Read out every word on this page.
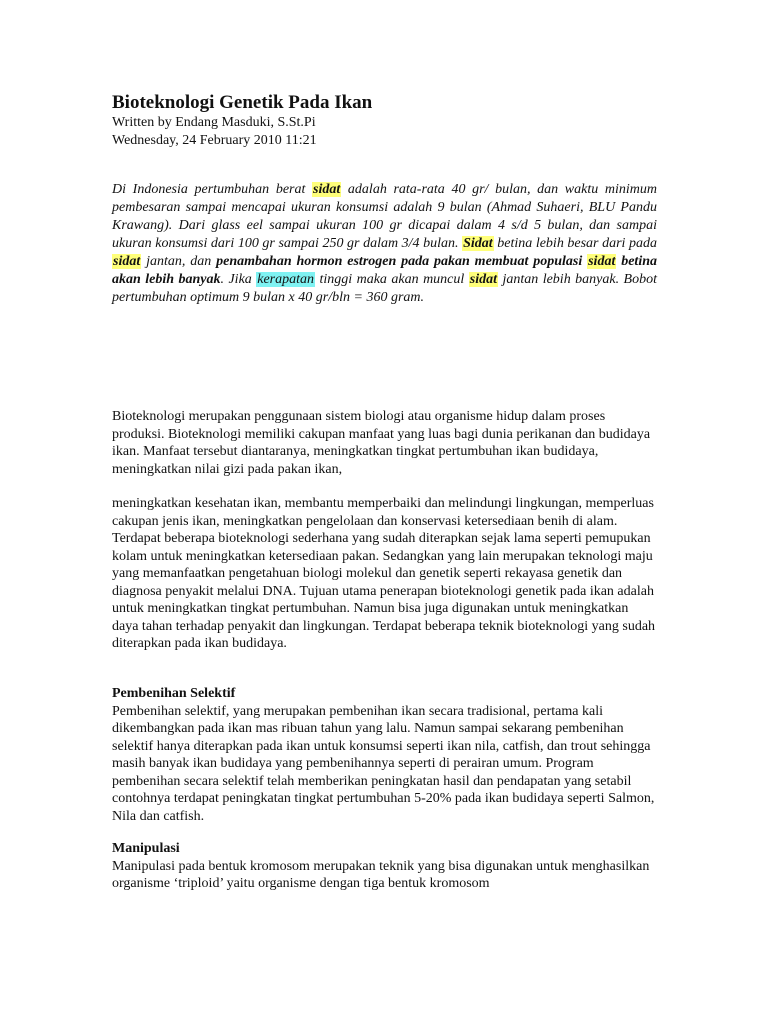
Bioteknologi Genetik Pada Ikan
Written by Endang Masduki, S.St.Pi
Wednesday, 24 February 2010 11:21
Di Indonesia pertumbuhan berat sidat adalah rata-rata 40 gr/ bulan, dan waktu minimum pembesaran sampai mencapai ukuran konsumsi adalah 9 bulan (Ahmad Suhaeri, BLU Pandu Krawang). Dari glass eel sampai ukuran 100 gr dicapai dalam 4 s/d 5 bulan, dan sampai ukuran konsumsi dari 100 gr sampai 250 gr dalam 3/4 bulan. Sidat betina lebih besar dari pada sidat jantan, dan penambahan hormon estrogen pada pakan membuat populasi sidat betina akan lebih banyak. Jika kerapatan tinggi maka akan muncul sidat jantan lebih banyak. Bobot pertumbuhan optimum 9 bulan x 40 gr/bln = 360 gram.
Bioteknologi merupakan penggunaan sistem biologi atau organisme hidup dalam proses produksi. Bioteknologi memiliki cakupan manfaat yang luas bagi dunia perikanan dan budidaya ikan. Manfaat tersebut diantaranya, meningkatkan tingkat pertumbuhan ikan budidaya, meningkatkan nilai gizi pada pakan ikan,
meningkatkan kesehatan ikan, membantu memperbaiki dan melindungi lingkungan, memperluas cakupan jenis ikan, meningkatkan pengelolaan dan konservasi ketersediaan benih di alam. Terdapat beberapa bioteknologi sederhana yang sudah diterapkan sejak lama seperti pemupukan kolam untuk meningkatkan ketersediaan pakan. Sedangkan yang lain merupakan teknologi maju yang memanfaatkan pengetahuan biologi molekul dan genetik seperti rekayasa genetik dan diagnosa penyakit melalui DNA. Tujuan utama penerapan bioteknologi genetik pada ikan adalah untuk meningkatkan tingkat pertumbuhan. Namun bisa juga digunakan untuk meningkatkan daya tahan terhadap penyakit dan lingkungan. Terdapat beberapa teknik bioteknologi yang sudah diterapkan pada ikan budidaya.
Pembenihan Selektif
Pembenihan selektif, yang merupakan pembenihan ikan secara tradisional, pertama kali dikembangkan pada ikan mas ribuan tahun yang lalu. Namun sampai sekarang pembenihan selektif hanya diterapkan pada ikan untuk konsumsi seperti ikan nila, catfish, dan trout sehingga masih banyak ikan budidaya yang pembenihannya seperti di perairan umum. Program pembenihan secara selektif telah memberikan peningkatan hasil dan pendapatan yang setabil contohnya terdapat peningkatan tingkat pertumbuhan 5-20% pada ikan budidaya seperti Salmon, Nila dan catfish.
Manipulasi
Manipulasi pada bentuk kromosom merupakan teknik yang bisa digunakan untuk menghasilkan organisme ‘triploid’ yaitu organisme dengan tiga bentuk kromosom
